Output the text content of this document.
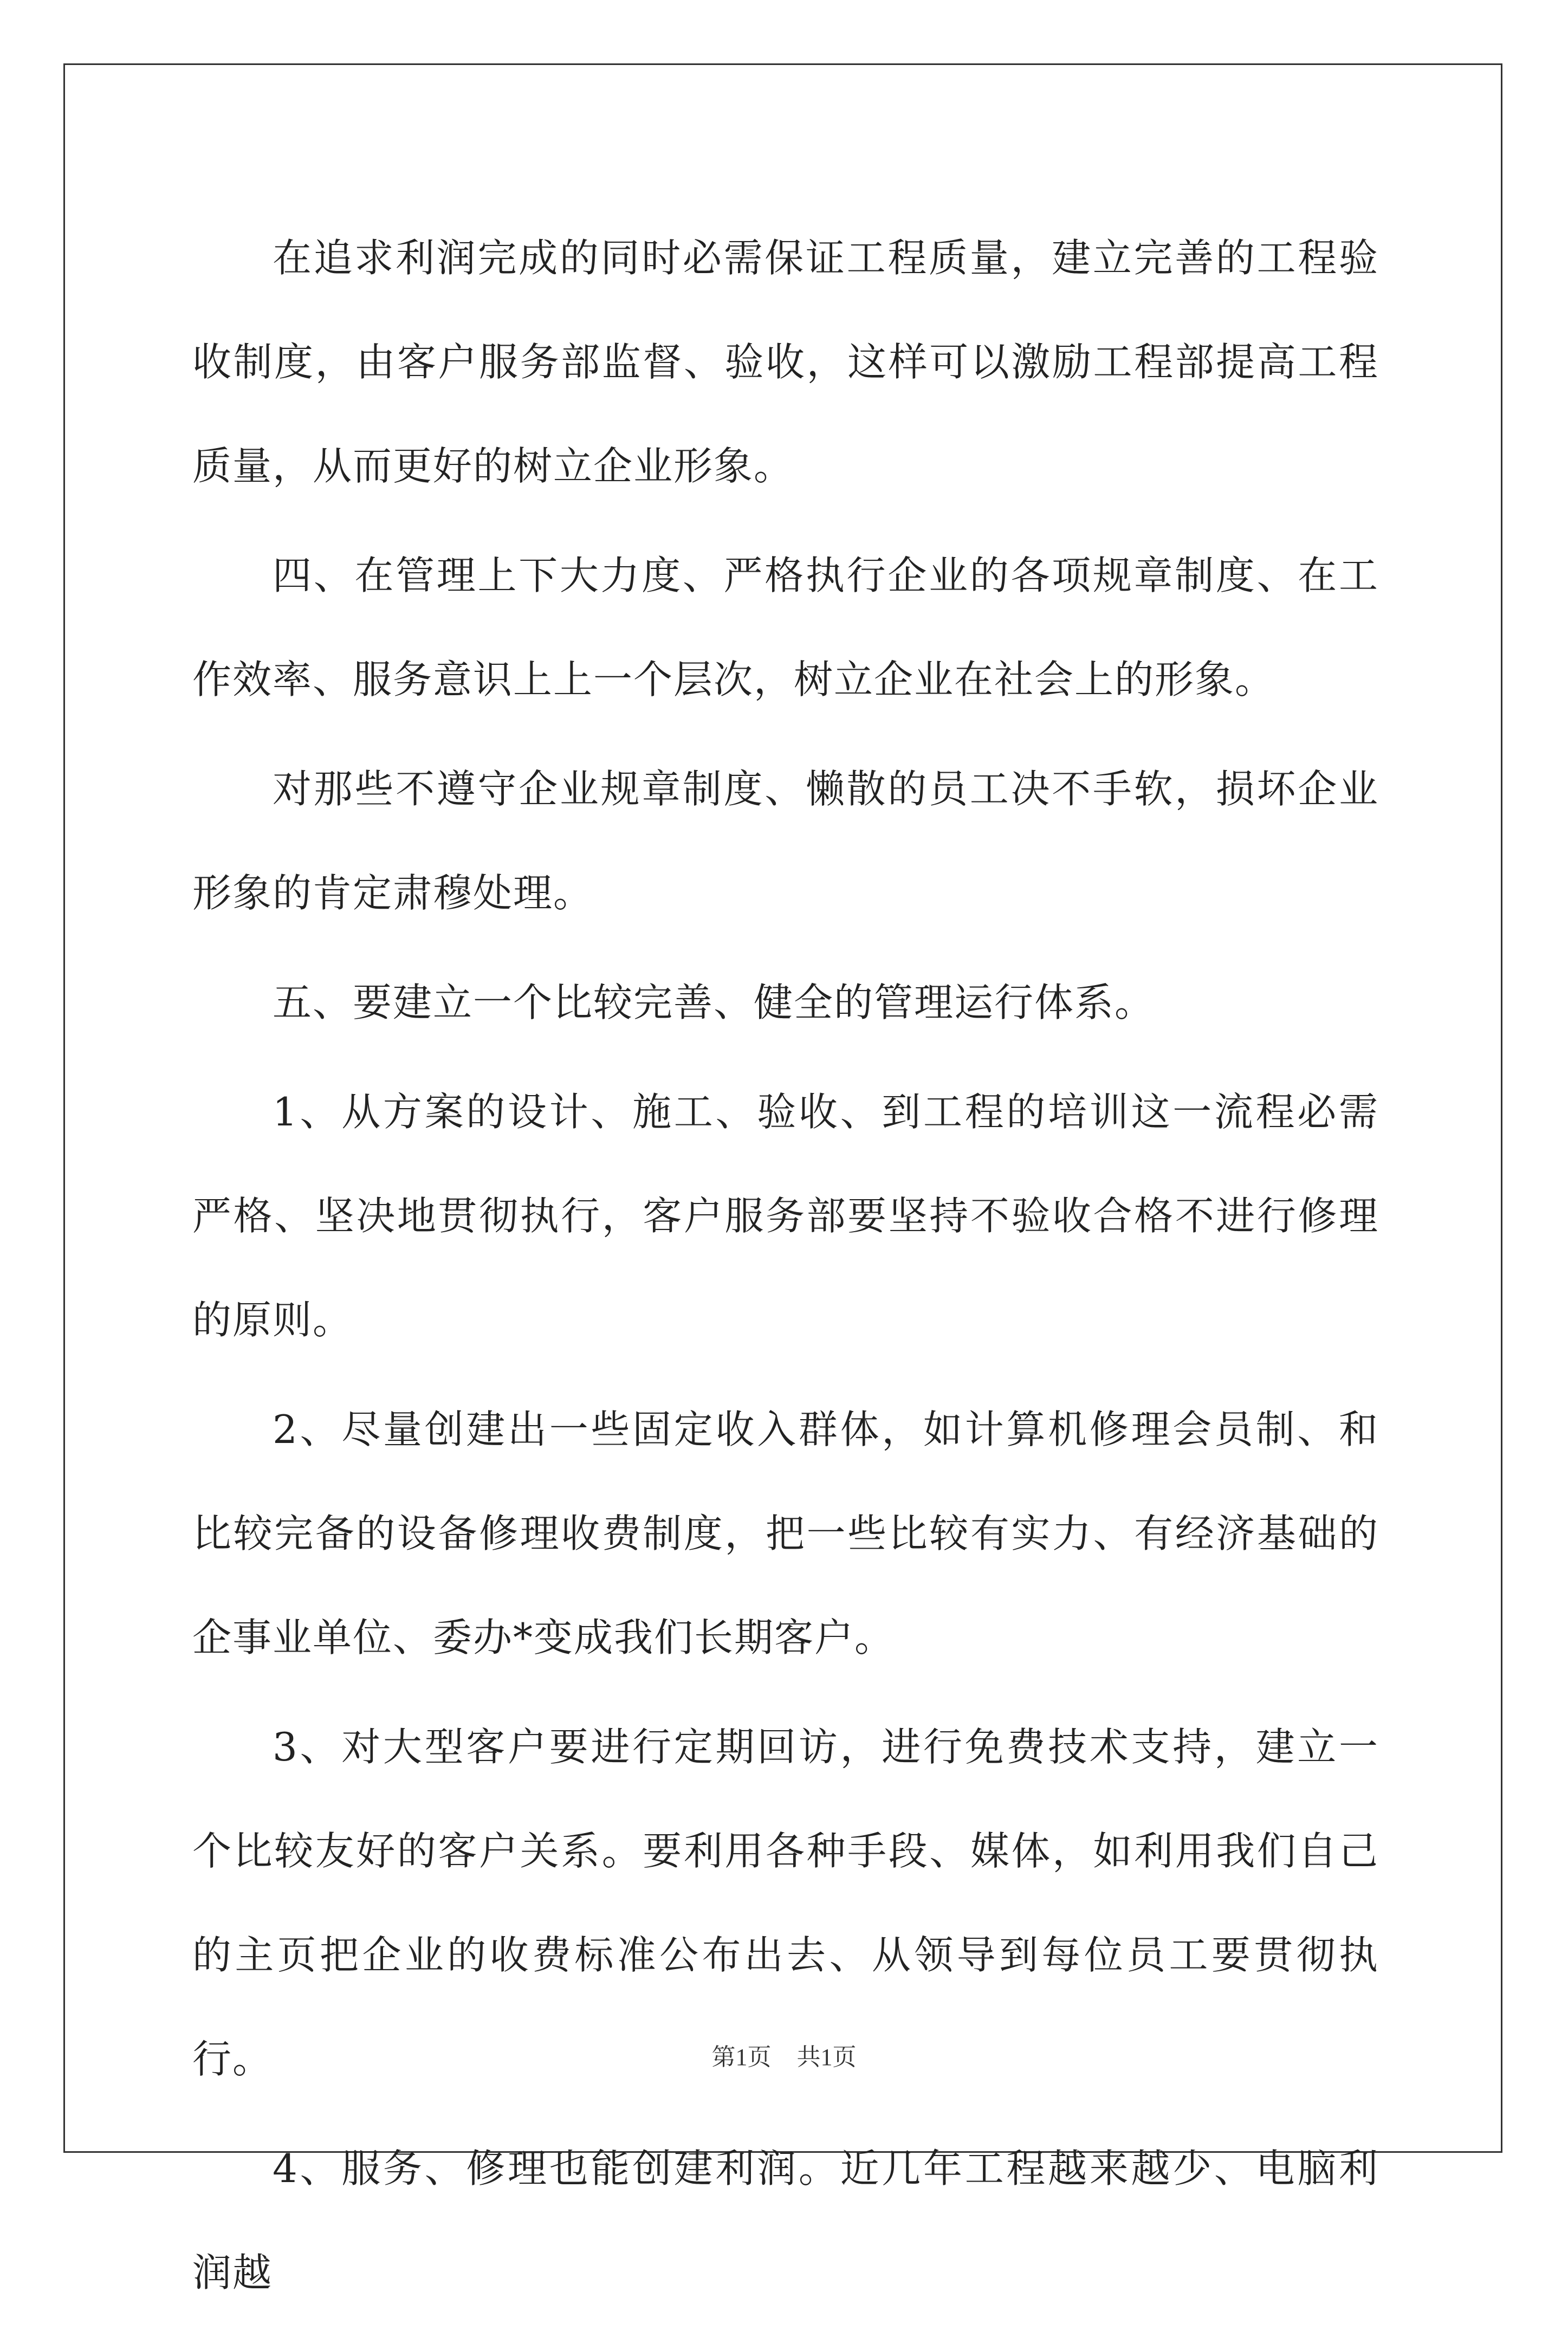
在追求利润完成的同时必需保证工程质量，建立完善的工程验收制度，由客户服务部监督、验收，这样可以激励工程部提高工程质量，从而更好的树立企业形象。

四、在管理上下大力度、严格执行企业的各项规章制度、在工作效率、服务意识上上一个层次，树立企业在社会上的形象。

对那些不遵守企业规章制度、懒散的员工决不手软，损坏企业形象的肯定肃穆处理。

五、要建立一个比较完善、健全的管理运行体系。

1、从方案的设计、施工、验收、到工程的培训这一流程必需严格、坚决地贯彻执行，客户服务部要坚持不验收合格不进行修理的原则。

2、尽量创建出一些固定收入群体，如计算机修理会员制、和比较完备的设备修理收费制度，把一些比较有实力、有经济基础的企事业单位、委办*变成我们长期客户。

3、对大型客户要进行定期回访，进行免费技术支持，建立一个比较友好的客户关系。要利用各种手段、媒体，如利用我们自己的主页把企业的收费标准公布出去、从领导到每位员工要贯彻执行。

4、服务、修理也能创建利润。近几年工程越来越少、电脑利润越

第1页 共1页
